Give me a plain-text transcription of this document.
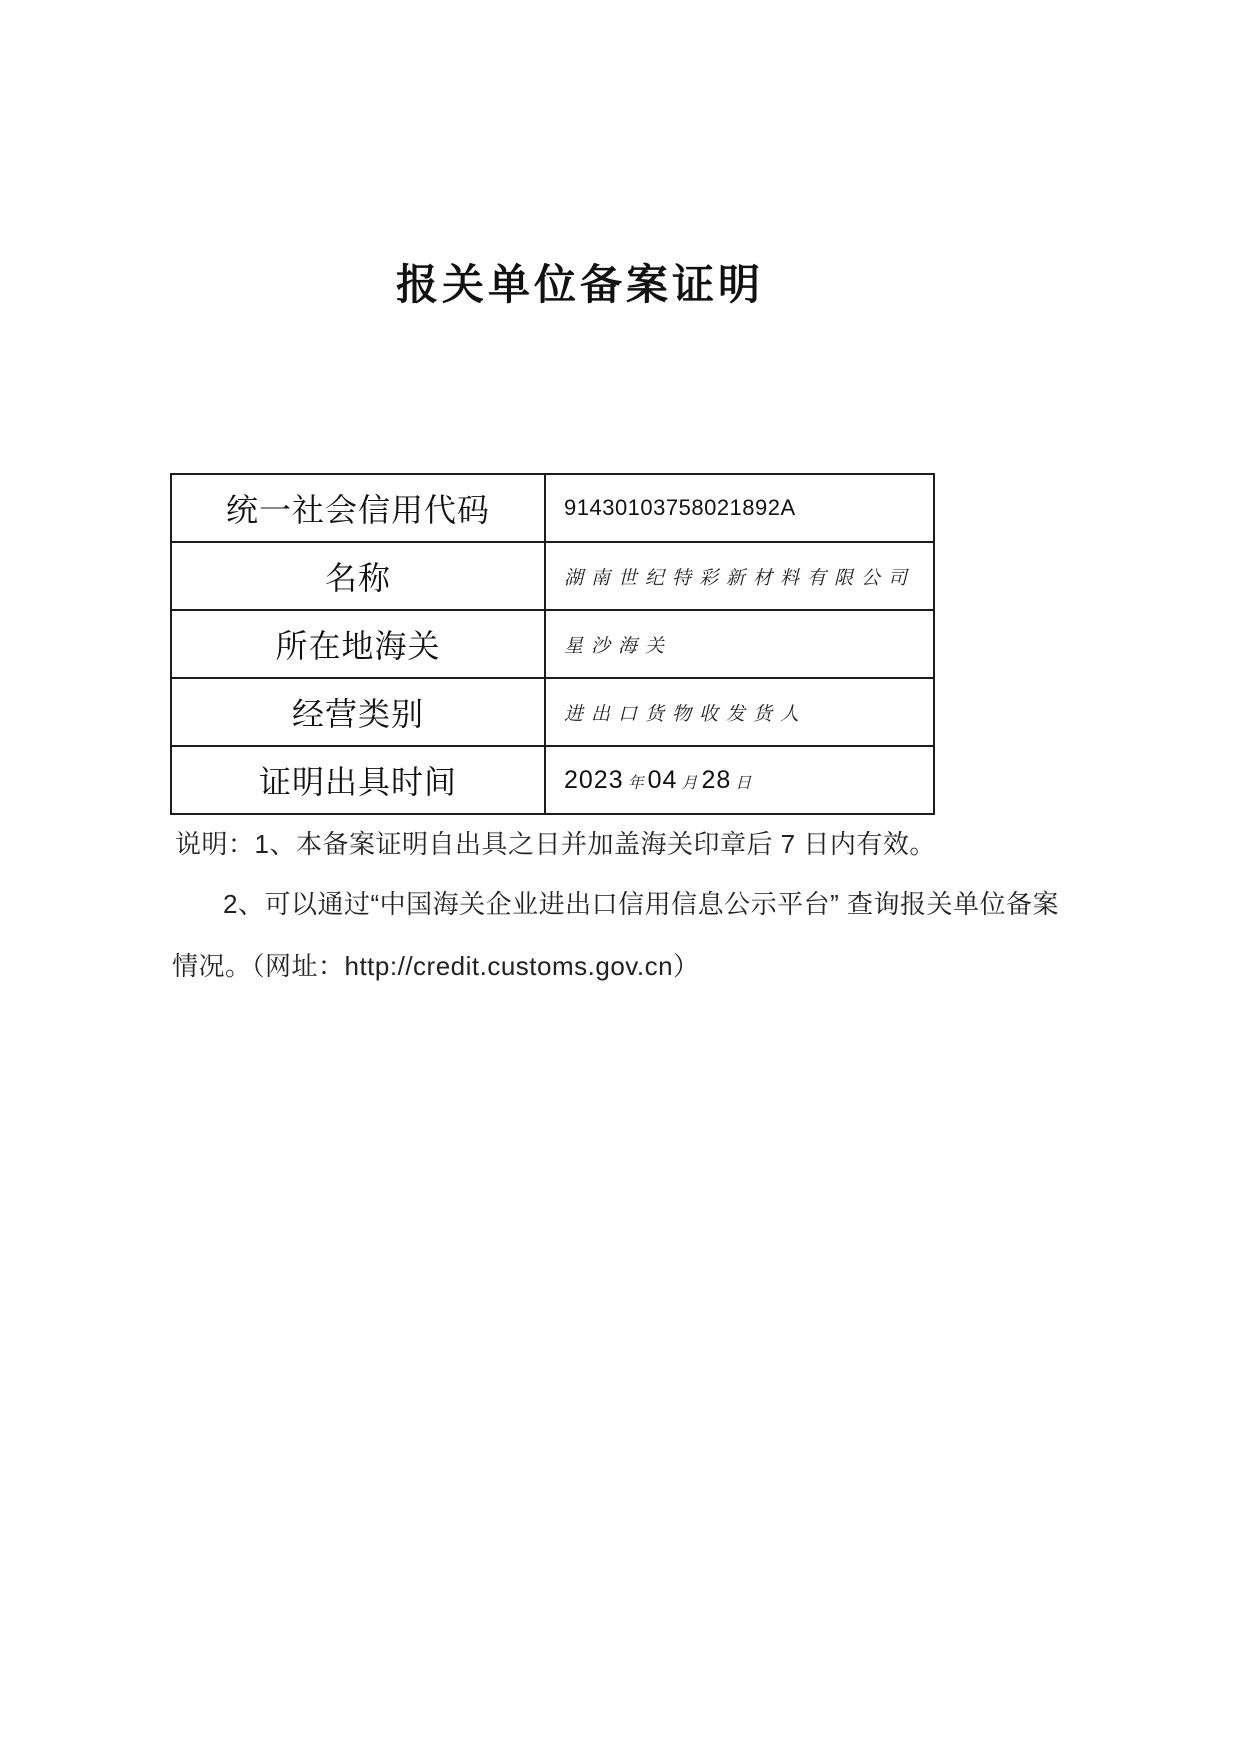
报关单位备案证明
统一社会信用代码	91430103758021892A
名称	湖南世纪特彩新材料有限公司
所在地海关	星沙海关
经营类别	进出口货物收发货人
证明出具时间	2023 年 04 月 28 日
说明：1、本备案证明自出具之日并加盖海关印章后 7 日内有效。
2、可以通过“中国海关企业进出口信用信息公示平台” 查询报关单位备案
情况。（网址：http://credit.customs.gov.cn）
